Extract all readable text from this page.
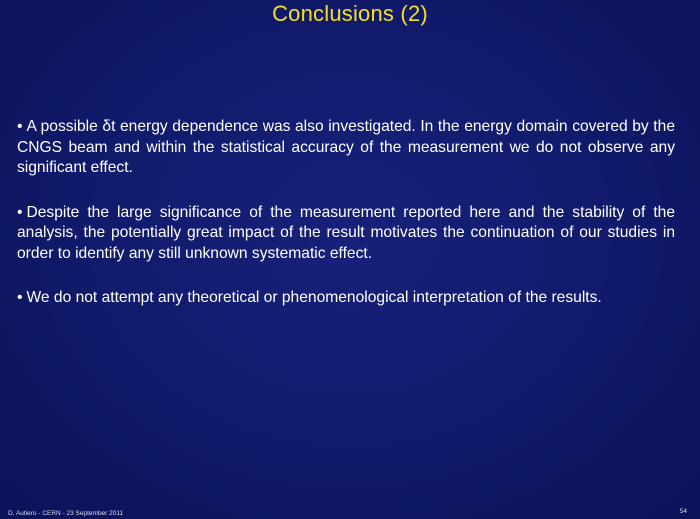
Conclusions (2)

• A possible δt energy dependence was also investigated. In the energy domain covered by the CNGS beam and within the statistical accuracy of the measurement we do not observe any significant effect.

• Despite the large significance of the measurement reported here and the stability of the analysis, the potentially great impact of the result motivates the continuation of our studies in order to identify any still unknown systematic effect.

• We do not attempt any theoretical or phenomenological interpretation of the results.

D. Autiero - CERN - 23 September 2011	54
